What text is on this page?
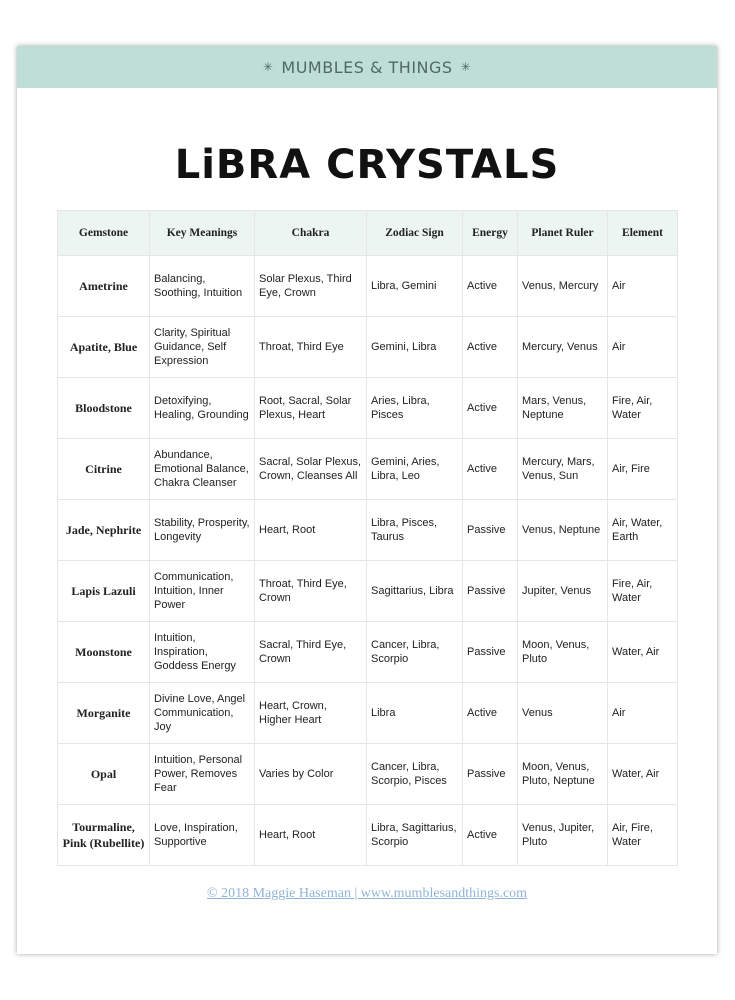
✳ MUMBLES & THINGS ✳
LiBRA CRYSTALS
Gemstone	Key Meanings	Chakra	Zodiac Sign	Energy	Planet Ruler	Element
Ametrine	Balancing, Soothing, Intuition	Solar Plexus, Third Eye, Crown	Libra, Gemini	Active	Venus, Mercury	Air
Apatite, Blue	Clarity, Spiritual Guidance, Self Expression	Throat, Third Eye	Gemini, Libra	Active	Mercury, Venus	Air
Bloodstone	Detoxifying, Healing, Grounding	Root, Sacral, Solar Plexus, Heart	Aries, Libra, Pisces	Active	Mars, Venus, Neptune	Fire, Air, Water
Citrine	Abundance, Emotional Balance, Chakra Cleanser	Sacral, Solar Plexus, Crown, Cleanses All	Gemini, Aries, Libra, Leo	Active	Mercury, Mars, Venus, Sun	Air, Fire
Jade, Nephrite	Stability, Prosperity, Longevity	Heart, Root	Libra, Pisces, Taurus	Passive	Venus, Neptune	Air, Water, Earth
Lapis Lazuli	Communication, Intuition, Inner Power	Throat, Third Eye, Crown	Sagittarius, Libra	Passive	Jupiter, Venus	Fire, Air, Water
Moonstone	Intuition, Inspiration, Goddess Energy	Sacral, Third Eye, Crown	Cancer, Libra, Scorpio	Passive	Moon, Venus, Pluto	Water, Air
Morganite	Divine Love, Angel Communication, Joy	Heart, Crown, Higher Heart	Libra	Active	Venus	Air
Opal	Intuition, Personal Power, Removes Fear	Varies by Color	Cancer, Libra, Scorpio, Pisces	Passive	Moon, Venus, Pluto, Neptune	Water, Air
Tourmaline, Pink (Rubellite)	Love, Inspiration, Supportive	Heart, Root	Libra, Sagittarius, Scorpio	Active	Venus, Jupiter, Pluto	Air, Fire, Water
© 2018 Maggie Haseman | www.mumblesandthings.com
